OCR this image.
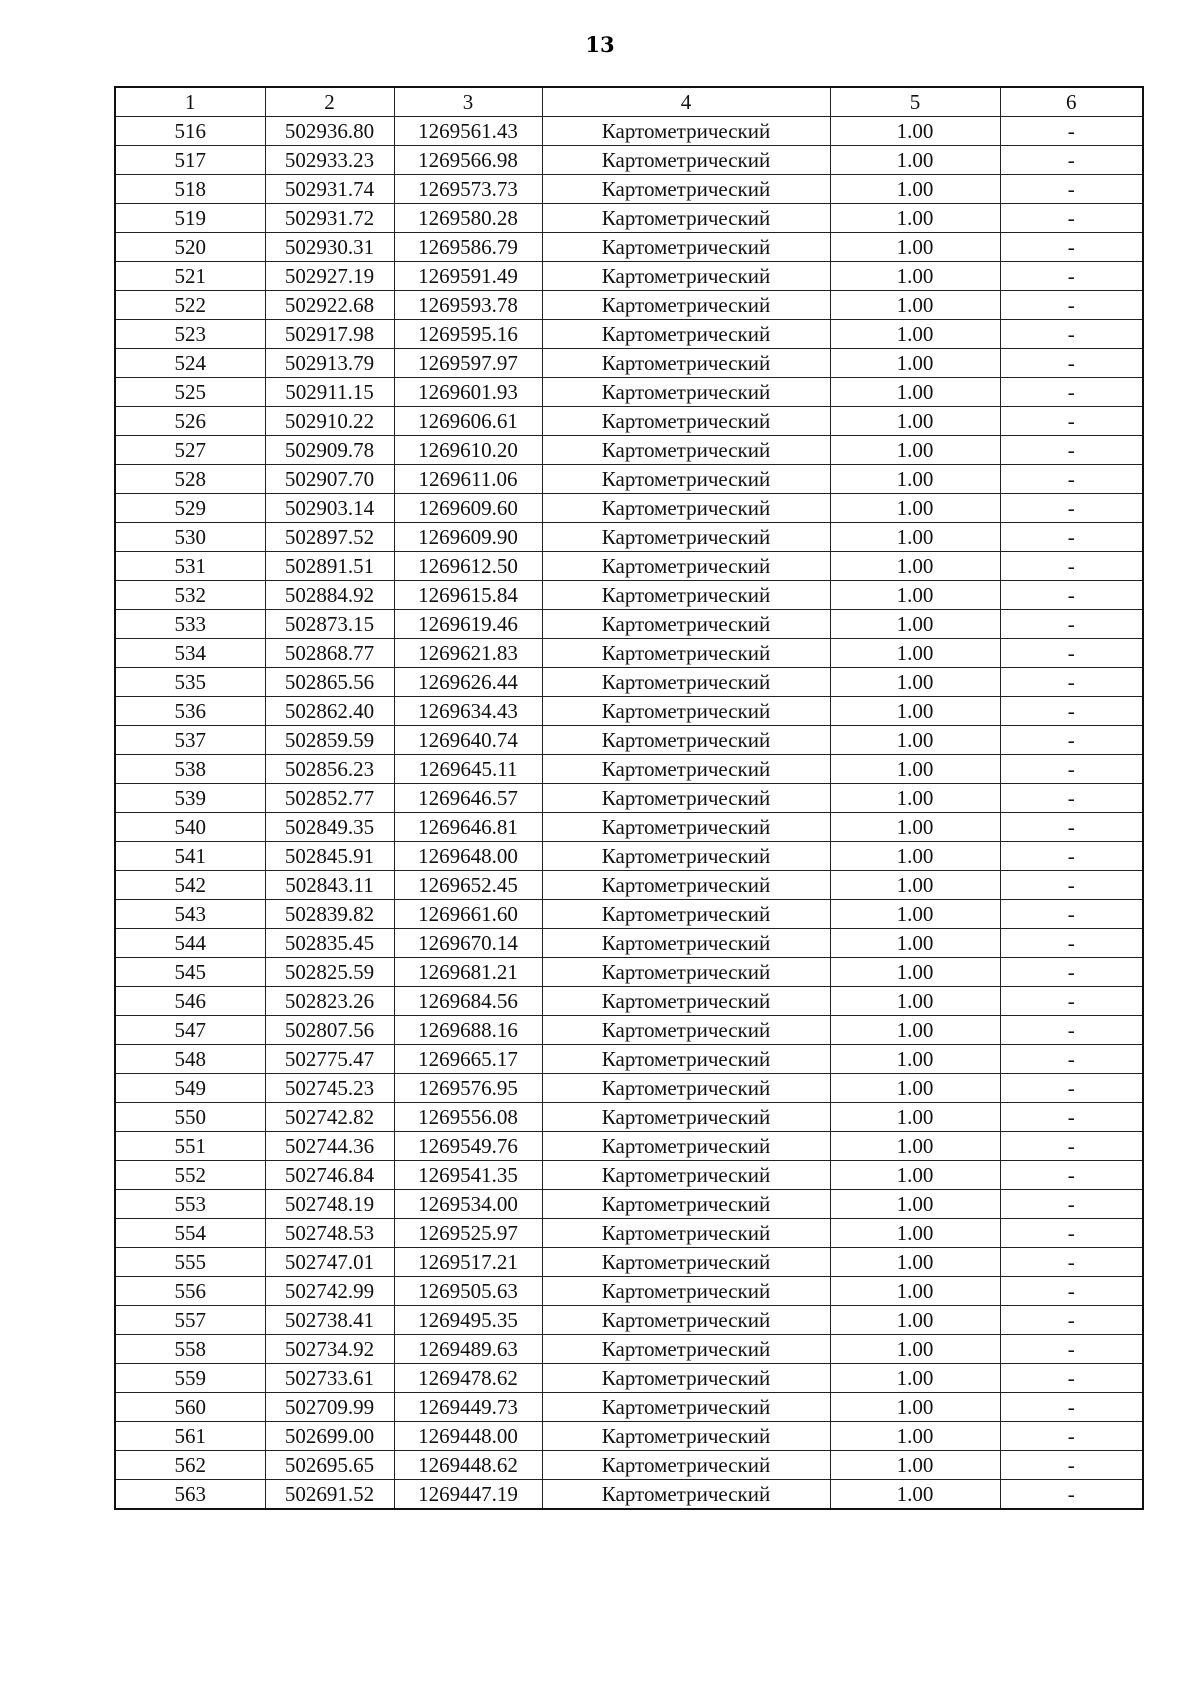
13
1	2	3	4	5	6
516	502936.80	1269561.43	Картометрический	1.00	-
517	502933.23	1269566.98	Картометрический	1.00	-
518	502931.74	1269573.73	Картометрический	1.00	-
519	502931.72	1269580.28	Картометрический	1.00	-
520	502930.31	1269586.79	Картометрический	1.00	-
521	502927.19	1269591.49	Картометрический	1.00	-
522	502922.68	1269593.78	Картометрический	1.00	-
523	502917.98	1269595.16	Картометрический	1.00	-
524	502913.79	1269597.97	Картометрический	1.00	-
525	502911.15	1269601.93	Картометрический	1.00	-
526	502910.22	1269606.61	Картометрический	1.00	-
527	502909.78	1269610.20	Картометрический	1.00	-
528	502907.70	1269611.06	Картометрический	1.00	-
529	502903.14	1269609.60	Картометрический	1.00	-
530	502897.52	1269609.90	Картометрический	1.00	-
531	502891.51	1269612.50	Картометрический	1.00	-
532	502884.92	1269615.84	Картометрический	1.00	-
533	502873.15	1269619.46	Картометрический	1.00	-
534	502868.77	1269621.83	Картометрический	1.00	-
535	502865.56	1269626.44	Картометрический	1.00	-
536	502862.40	1269634.43	Картометрический	1.00	-
537	502859.59	1269640.74	Картометрический	1.00	-
538	502856.23	1269645.11	Картометрический	1.00	-
539	502852.77	1269646.57	Картометрический	1.00	-
540	502849.35	1269646.81	Картометрический	1.00	-
541	502845.91	1269648.00	Картометрический	1.00	-
542	502843.11	1269652.45	Картометрический	1.00	-
543	502839.82	1269661.60	Картометрический	1.00	-
544	502835.45	1269670.14	Картометрический	1.00	-
545	502825.59	1269681.21	Картометрический	1.00	-
546	502823.26	1269684.56	Картометрический	1.00	-
547	502807.56	1269688.16	Картометрический	1.00	-
548	502775.47	1269665.17	Картометрический	1.00	-
549	502745.23	1269576.95	Картометрический	1.00	-
550	502742.82	1269556.08	Картометрический	1.00	-
551	502744.36	1269549.76	Картометрический	1.00	-
552	502746.84	1269541.35	Картометрический	1.00	-
553	502748.19	1269534.00	Картометрический	1.00	-
554	502748.53	1269525.97	Картометрический	1.00	-
555	502747.01	1269517.21	Картометрический	1.00	-
556	502742.99	1269505.63	Картометрический	1.00	-
557	502738.41	1269495.35	Картометрический	1.00	-
558	502734.92	1269489.63	Картометрический	1.00	-
559	502733.61	1269478.62	Картометрический	1.00	-
560	502709.99	1269449.73	Картометрический	1.00	-
561	502699.00	1269448.00	Картометрический	1.00	-
562	502695.65	1269448.62	Картометрический	1.00	-
563	502691.52	1269447.19	Картометрический	1.00	-
